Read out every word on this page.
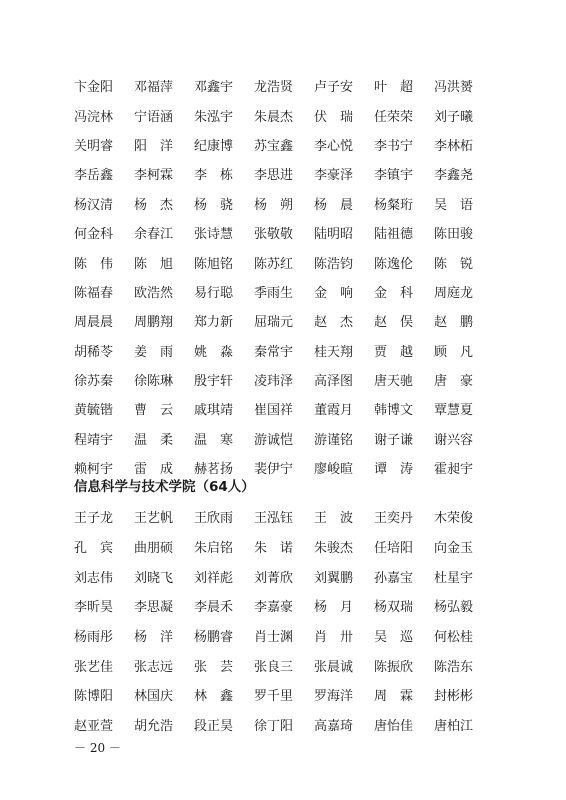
卞金阳	邓福萍	邓鑫宇	龙浩贤	卢子安	叶　超	冯洪赟
冯浣林	宁语涵	朱泓宇	朱晨杰	伏　瑞	任荣荣	刘子曦
关明睿	阳　洋	纪康博	苏宝鑫	李心悦	李书宁	李林柘
李岳鑫	李柯霖	李　栋	李思进	李豪泽	李镇宇	李鑫尧
杨汉清	杨　杰	杨　骁	杨　朔	杨　晨	杨粲珩	吴　语
何金科	余春江	张诗慧	张敬敬	陆明昭	陆祖德	陈田骏
陈　伟	陈　旭	陈旭铭	陈苏红	陈浩钧	陈逸伦	陈　锐
陈福春	欧浩然	易行聪	季雨生	金　响	金　科	周庭龙
周晨晨	周鹏翔	郑力新	屈瑞元	赵　杰	赵　俣	赵　鹏
胡稀苓	姜　雨	姚　淼	秦常宇	桂天翔	贾　越	顾　凡
徐苏秦	徐陈琳	殷宇轩	凌玮泽	高泽图	唐天驰	唐　豪
黄毓锴	曹　云	戚琪靖	崔国祥	董霞月	韩博文	覃慧夏
程靖宇	温　柔	温　寒	游诚恺	游谨铭	谢子谦	谢兴容
赖柯宇	雷　成	赫茗扬	裴伊宁	廖峻暄	谭　涛	霍昶宇
信息科学与技术学院（64人）
王子龙	王艺帆	王欣雨	王泓钰	王　波	王奕丹	木荣俊
孔　宾	曲朋硕	朱启铭	朱　诺	朱骏杰	任培阳	向金玉
刘志伟	刘晓飞	刘祥彪	刘菁欣	刘翼鹏	孙嘉宝	杜星宇
李昕昊	李思凝	李晨禾	李嘉豪	杨　月	杨双瑞	杨弘毅
杨雨彤	杨　洋	杨鹏睿	肖士渊	肖　卅	吴　巡	何松桂
张艺佳	张志远	张　芸	张良三	张晨诚	陈振欣	陈浩东
陈博阳	林国庆	林　鑫	罗千里	罗海洋	周　霖	封彬彬
赵亚萱	胡允浩	段正昊	徐丁阳	高嘉琦	唐怡佳	唐柏江
－ 20 －
